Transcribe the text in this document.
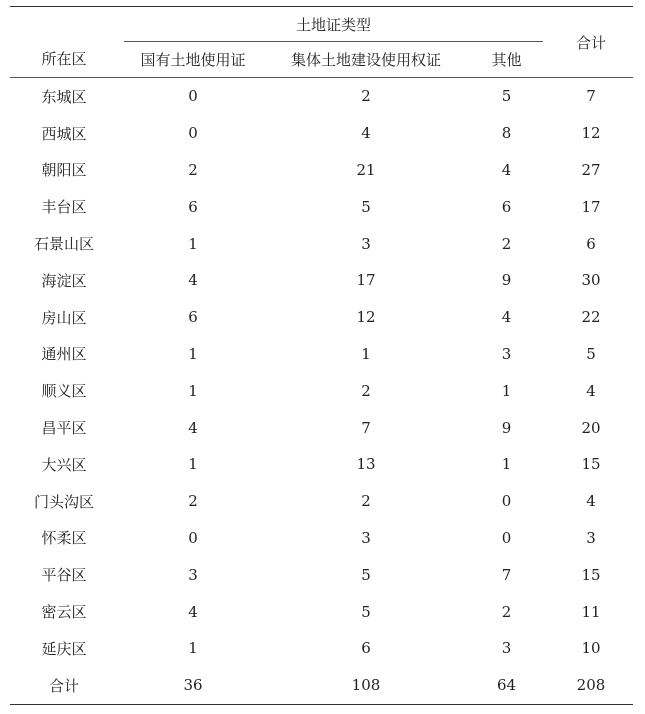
所在区	土地证类型			合计

国有土地使用证	集体土地建设使用权证	其他	
东城区	0	2	5	7
西城区	0	4	8	12
朝阳区	2	21	4	27
丰台区	6	5	6	17
石景山区	1	3	2	6
海淀区	4	17	9	30
房山区	6	12	4	22
通州区	1	1	3	5
顺义区	1	2	1	4
昌平区	4	7	9	20
大兴区	1	13	1	15
门头沟区	2	2	0	4
怀柔区	0	3	0	3
平谷区	3	5	7	15
密云区	4	5	2	11
延庆区	1	6	3	10
合计	36	108	64	208
